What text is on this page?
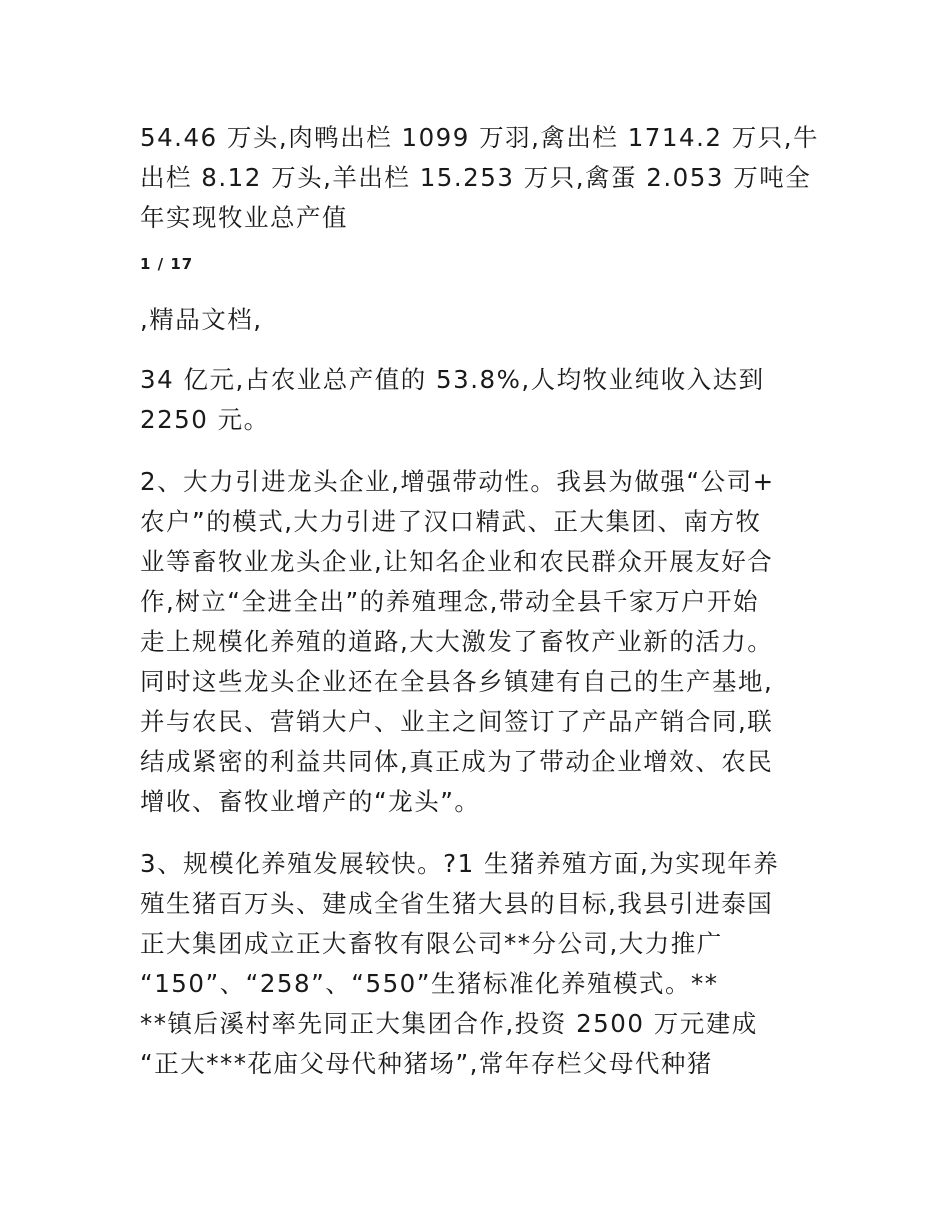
54.46 万头,肉鸭出栏 1099 万羽,禽出栏 1714.2 万只,牛
出栏 8.12 万头,羊出栏 15.253 万只,禽蛋 2.053 万吨全
年实现牧业总产值

1 / 17

,精品文档,

34 亿元,占农业总产值的 53.8%,人均牧业纯收入达到
2250 元。

2、大力引进龙头企业,增强带动性。我县为做强“公司+
农户”的模式,大力引进了汉口精武、正大集团、南方牧
业等畜牧业龙头企业,让知名企业和农民群众开展友好合
作,树立“全进全出”的养殖理念,带动全县千家万户开始
走上规模化养殖的道路,大大激发了畜牧产业新的活力。
同时这些龙头企业还在全县各乡镇建有自己的生产基地,
并与农民、营销大户、业主之间签订了产品产销合同,联
结成紧密的利益共同体,真正成为了带动企业增效、农民
增收、畜牧业增产的“龙头”。

3、规模化养殖发展较快。?1 生猪养殖方面,为实现年养
殖生猪百万头、建成全省生猪大县的目标,我县引进泰国
正大集团成立正大畜牧有限公司**分公司,大力推广
“150”、“258”、“550”生猪标准化养殖模式。**
**镇后溪村率先同正大集团合作,投资 2500 万元建成
“正大***花庙父母代种猪场”,常年存栏父母代种猪
